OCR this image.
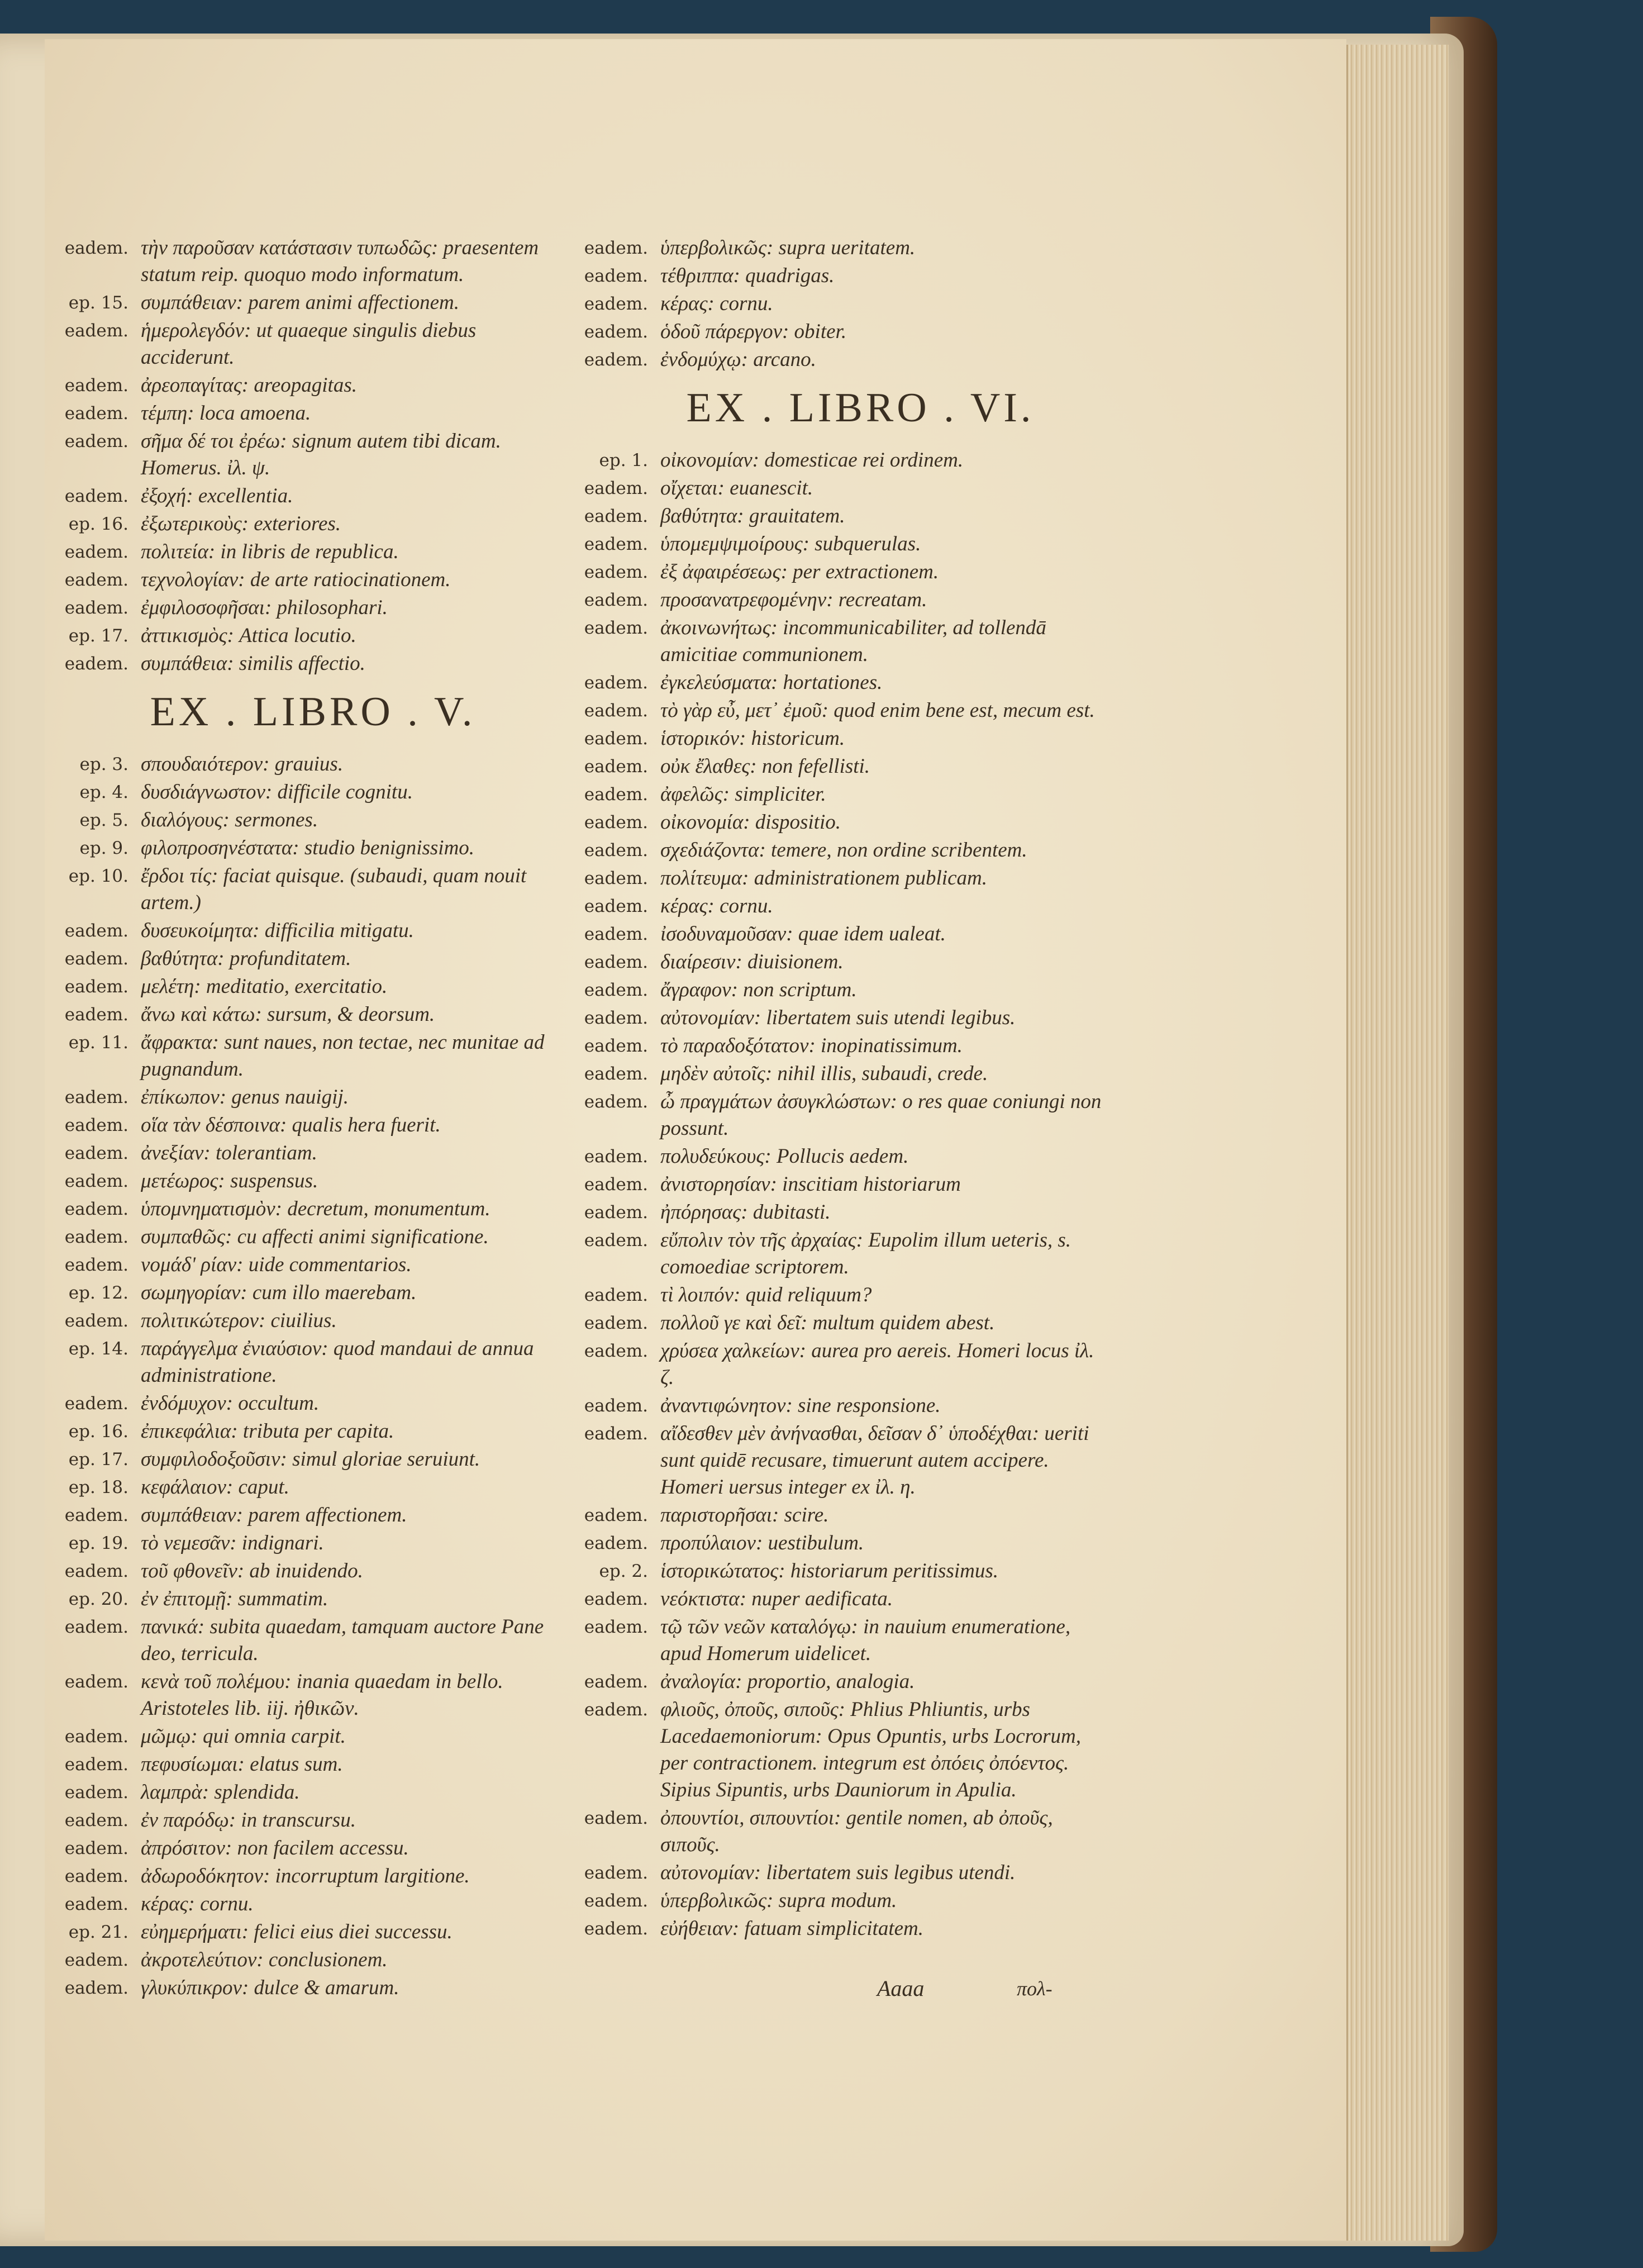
eadem. τὴν παροῦσαν κατάστασιν τυπωδῶς: praesentem statum reip. quoquo modo informatum.
ep. 15. συμπάθειαν: parem animi affectionem.
eadem. ἡμερολεγδόν: ut quaeque singulis diebus acciderunt.
eadem. ἀρεοπαγίτας: areopagitas.
eadem. τέμπη: loca amoena.
eadem. σῆμα δέ τοι ἐρέω: signum autem tibi dicam. Homerus. ἰλ. ψ.
eadem. ἐξοχή: excellentia.
ep. 16. ἐξωτερικοὺς: exteriores.
eadem. πολιτεία: in libris de republica.
eadem. τεχνολογίαν: de arte ratiocinationem.
eadem. ἐμφιλοσοφῆσαι: philosophari.
ep. 17. ἀττικισμὸς: Attica locutio.
eadem. συμπάθεια: similis affectio.
EX . LIBRO . V.
ep. 3. σπουδαιότερον: grauius.
ep. 4. δυσδιάγνωστον: difficile cognitu.
ep. 5. διαλόγους: sermones.
ep. 9. φιλοπροσηνέστατα: studio benignissimo.
ep. 10. ἔρδοι τίς: faciat quisque. (subaudi, quam nouit artem.)
eadem. δυσευκοίμητα: difficilia mitigatu.
eadem. βαθύτητα: profunditatem.
eadem. μελέτη: meditatio, exercitatio.
eadem. ἄνω καὶ κάτω: sursum, & deorsum.
ep. 11. ἄφρακτα: sunt naues, non tectae, nec munitae ad pugnandum.
eadem. ἐπίκωπον: genus nauigij.
eadem. οἵα τὰν δέσποινα: qualis hera fuerit.
eadem. ἀνεξίαν: tolerantiam.
eadem. μετέωρος: suspensus.
eadem. ὑπομνηματισμὸν: decretum, monumentum.
eadem. συμπαθῶς: cu affecti animi significatione.
eadem. νομάδ' ρίαν: uide commentarios.
ep. 12. σωμηγορίαν: cum illo maerebam.
eadem. πολιτικώτερον: ciuilius.
ep. 14. παράγγελμα ἐνιαύσιον: quod mandaui de annua administratione.
eadem. ἐνδόμυχον: occultum.
ep. 16. ἐπικεφάλια: tributa per capita.
ep. 17. συμφιλοδοξοῦσιν: simul gloriae seruiunt.
ep. 18. κεφάλαιον: caput.
eadem. συμπάθειαν: parem affectionem.
ep. 19. τὸ νεμεσᾶν: indignari.
eadem. τοῦ φθονεῖν: ab inuidendo.
ep. 20. ἐν ἐπιτομῇ: summatim.
eadem. πανικά: subita quaedam, tamquam auctore Pane deo, terricula.
eadem. κενὰ τοῦ πολέμου: inania quaedam in bello. Aristoteles lib. iij. ἠθικῶν.
eadem. μῶμῳ: qui omnia carpit.
eadem. πεφυσίωμαι: elatus sum.
eadem. λαμπρὰ: splendida.
eadem. ἐν παρόδῳ: in transcursu.
eadem. ἀπρόσιτον: non facilem accessu.
eadem. ἀδωροδόκητον: incorruptum largitione.
eadem. κέρας: cornu.
ep. 21. εὐημερήματι: felici eius diei successu.
eadem. ἀκροτελεύτιον: conclusionem.
eadem. γλυκύπικρον: dulce & amarum.
eadem. ὑπερβολικῶς: supra ueritatem.
eadem. τέθριππα: quadrigas.
eadem. κέρας: cornu.
eadem. ὁδοῦ πάρεργον: obiter.
eadem. ἐνδομύχῳ: arcano.
EX . LIBRO . VI.
ep. 1. οἰκονομίαν: domesticae rei ordinem.
eadem. οἴχεται: euanescit.
eadem. βαθύτητα: grauitatem.
eadem. ὑπομεμψιμοίρους: subquerulas.
eadem. ἐξ ἀφαιρέσεως: per extractionem.
eadem. προσανατρεφομένην: recreatam.
eadem. ἀκοινωνήτως: incommunicabiliter, ad tollendā amicitiae communionem.
eadem. ἐγκελεύσματα: hortationes.
eadem. τὸ γὰρ εὖ, μετ᾿ ἐμοῦ: quod enim bene est, mecum est.
eadem. ἱστορικόν: historicum.
eadem. οὐκ ἔλαθες: non fefellisti.
eadem. ἀφελῶς: simpliciter.
eadem. οἰκονομία: dispositio.
eadem. σχεδιάζοντα: temere, non ordine scribentem.
eadem. πολίτευμα: administrationem publicam.
eadem. κέρας: cornu.
eadem. ἰσοδυναμοῦσαν: quae idem ualeat.
eadem. διαίρεσιν: diuisionem.
eadem. ἄγραφον: non scriptum.
eadem. αὐτονομίαν: libertatem suis utendi legibus.
eadem. τὸ παραδοξότατον: inopinatissimum.
eadem. μηδὲν αὐτοῖς: nihil illis, subaudi, crede.
eadem. ὦ πραγμάτων ἀσυγκλώστων: o res quae coniungi non possunt.
eadem. πολυδεύκους: Pollucis aedem.
eadem. ἀνιστορησίαν: inscitiam historiarum
eadem. ἠπόρησας: dubitasti.
eadem. εὔπολιν τὸν τῆς ἀρχαίας: Eupolim illum ueteris, s. comoediae scriptorem.
eadem. τὶ λοιπόν: quid reliquum?
eadem. πολλοῦ γε καὶ δεῖ: multum quidem abest.
eadem. χρύσεα χαλκείων: aurea pro aereis. Homeri locus ἰλ. ζ.
eadem. ἀναντιφώνητον: sine responsione.
eadem. αἴδεσθεν μὲν ἀνήνασθαι, δεῖσαν δ᾿ ὑποδέχθαι: ueriti sunt quidē recusare, timuerunt autem accipere. Homeri uersus integer ex ἰλ. η.
eadem. παριστορῆσαι: scire.
eadem. προπύλαιον: uestibulum.
ep. 2. ἱστορικώτατος: historiarum peritissimus.
eadem. νεόκτιστα: nuper aedificata.
eadem. τῷ τῶν νεῶν καταλόγῳ: in nauium enumeratione, apud Homerum uidelicet.
eadem. ἀναλογία: proportio, analogia.
eadem. φλιοῦς, ὀποῦς, σιποῦς: Phlius Phliuntis, urbs Lacedaemoniorum: Opus Opuntis, urbs Locrorum, per contractionem. integrum est ὀπόεις ὀπόεντος. Sipius Sipuntis, urbs Dauniorum in Apulia.
eadem. ὀπουντίοι, σιπουντίοι: gentile nomen, ab ὀποῦς, σιποῦς.
eadem. αὐτονομίαν: libertatem suis legibus utendi.
eadem. ὑπερβολικῶς: supra modum.
eadem. εὐήθειαν: fatuam simplicitatem.
Aaaa	πολ-
